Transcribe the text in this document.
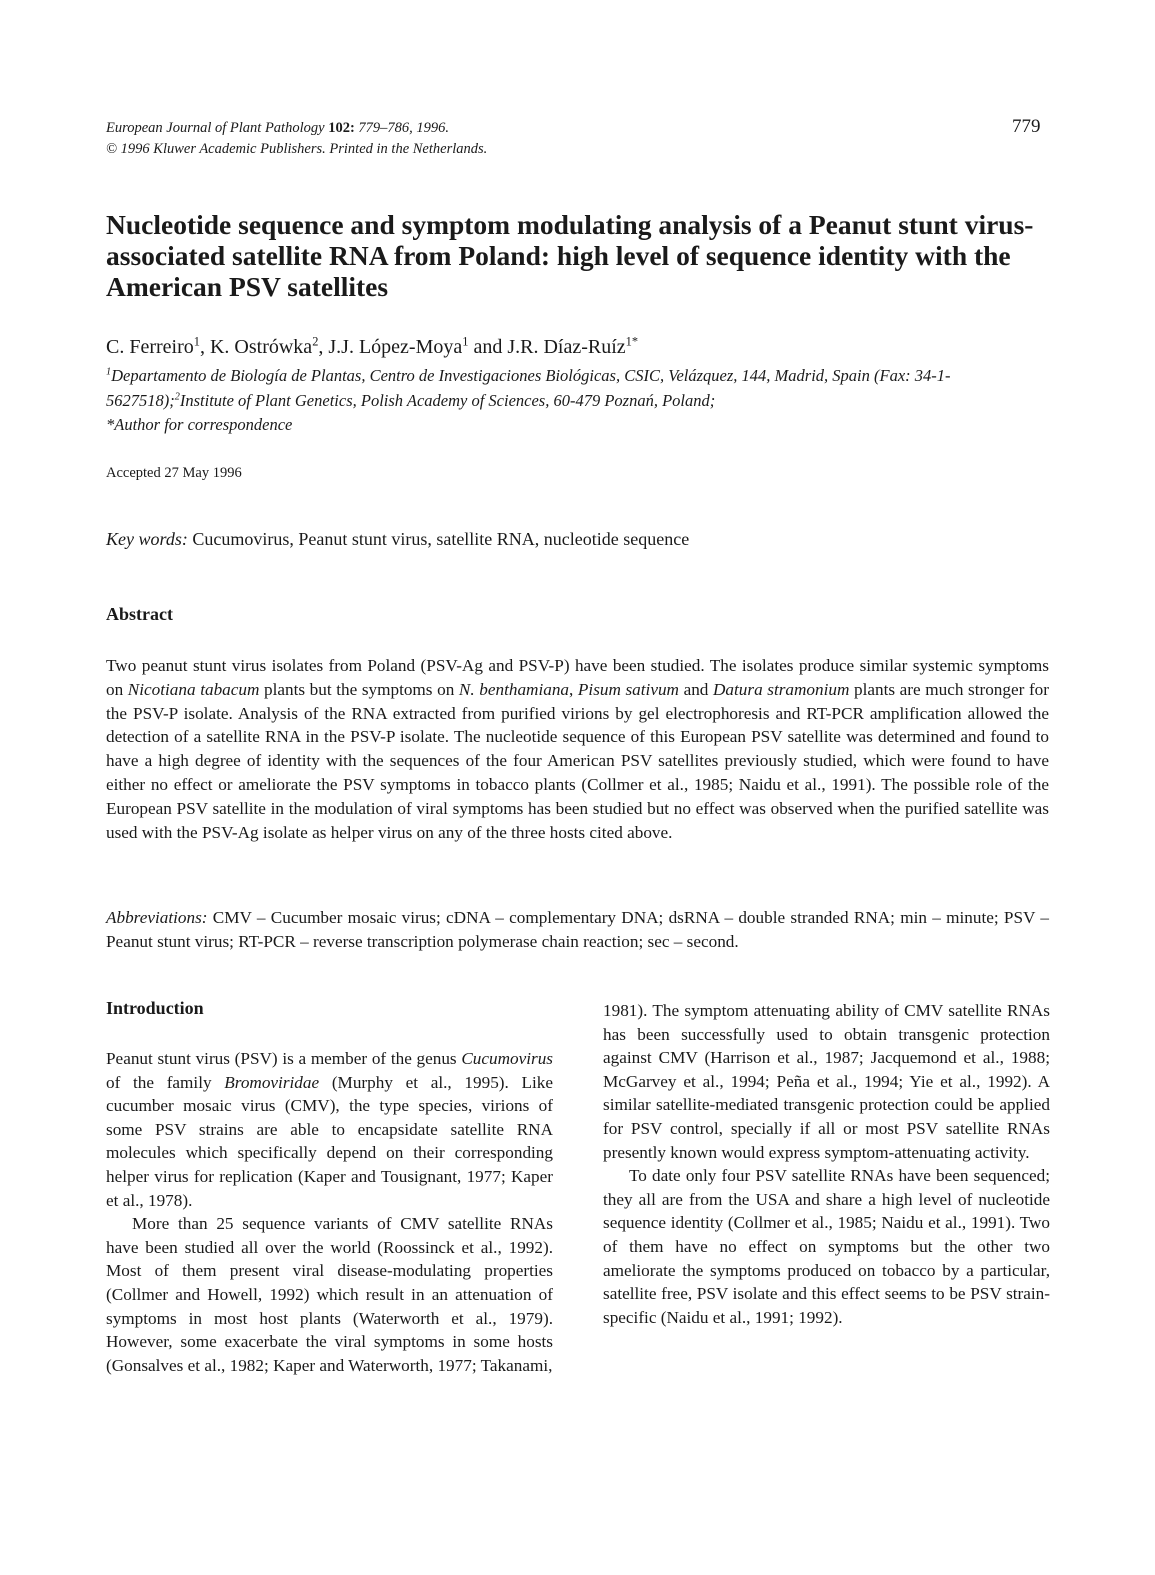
European Journal of Plant Pathology 102: 779–786, 1996.
© 1996 Kluwer Academic Publishers. Printed in the Netherlands.
779
Nucleotide sequence and symptom modulating analysis of a Peanut stunt virus-associated satellite RNA from Poland: high level of sequence identity with the American PSV satellites
C. Ferreiro$^1$, K. Ostrówka$^2$, J.J. López-Moya$^1$ and J.R. Díaz-Ruíz$^{1*}$
$^1$Departamento de Biología de Plantas, Centro de Investigaciones Biológicas, CSIC, Velázquez, 144, Madrid, Spain (Fax: 34-1-5627518);$^2$Institute of Plant Genetics, Polish Academy of Sciences, 60-479 Poznań, Poland;
*Author for correspondence
Accepted 27 May 1996
Key words: Cucumovirus, Peanut stunt virus, satellite RNA, nucleotide sequence
Abstract
Two peanut stunt virus isolates from Poland (PSV-Ag and PSV-P) have been studied. The isolates produce similar systemic symptoms on Nicotiana tabacum plants but the symptoms on N. benthamiana, Pisum sativum and Datura stramonium plants are much stronger for the PSV-P isolate. Analysis of the RNA extracted from purified virions by gel electrophoresis and RT-PCR amplification allowed the detection of a satellite RNA in the PSV-P isolate. The nucleotide sequence of this European PSV satellite was determined and found to have a high degree of identity with the sequences of the four American PSV satellites previously studied, which were found to have either no effect or ameliorate the PSV symptoms in tobacco plants (Collmer et al., 1985; Naidu et al., 1991). The possible role of the European PSV satellite in the modulation of viral symptoms has been studied but no effect was observed when the purified satellite was used with the PSV-Ag isolate as helper virus on any of the three hosts cited above.
Abbreviations: CMV – Cucumber mosaic virus; cDNA – complementary DNA; dsRNA – double stranded RNA; min – minute; PSV – Peanut stunt virus; RT-PCR – reverse transcription polymerase chain reaction; sec – second.
Introduction

Peanut stunt virus (PSV) is a member of the genus Cucumovirus of the family Bromoviridae (Murphy et al., 1995). Like cucumber mosaic virus (CMV), the type species, virions of some PSV strains are able to encapsidate satellite RNA molecules which specifically depend on their corresponding helper virus for replication (Kaper and Tousignant, 1977; Kaper et al., 1978).

More than 25 sequence variants of CMV satellite RNAs have been studied all over the world (Roossinck et al., 1992). Most of them present viral disease-modulating properties (Collmer and Howell, 1992) which result in an attenuation of symptoms in most host plants (Waterworth et al., 1979). However, some exacerbate the viral symptoms in some hosts (Gonsalves et al., 1982; Kaper and Waterworth, 1977; Takanami,

1981). The symptom attenuating ability of CMV satellite RNAs has been successfully used to obtain transgenic protection against CMV (Harrison et al., 1987; Jacquemond et al., 1988; McGarvey et al., 1994; Peña et al., 1994; Yie et al., 1992). A similar satellite-mediated transgenic protection could be applied for PSV control, specially if all or most PSV satellite RNAs presently known would express symptom-attenuating activity.

To date only four PSV satellite RNAs have been sequenced; they all are from the USA and share a high level of nucleotide sequence identity (Collmer et al., 1985; Naidu et al., 1991). Two of them have no effect on symptoms but the other two ameliorate the symptoms produced on tobacco by a particular, satellite free, PSV isolate and this effect seems to be PSV strain-specific (Naidu et al., 1991; 1992).
